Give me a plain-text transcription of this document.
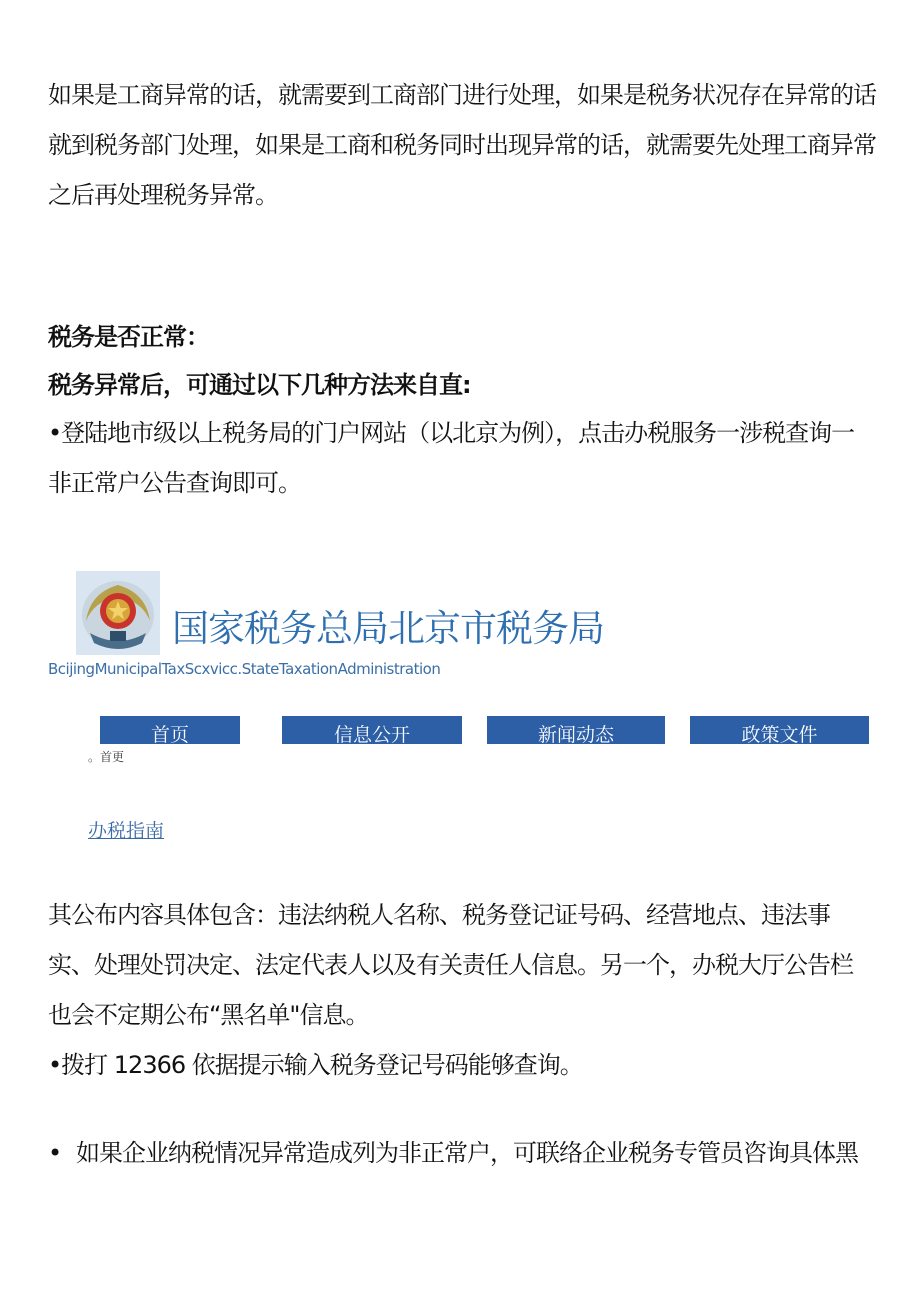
如果是工商异常的话，就需要到工商部门进行处理，如果是税务状况存在异常的话
就到税务部门处理，如果是工商和税务同时出现异常的话，就需要先处理工商异常
之后再处理税务异常。

税务是否正常：

税务异常后，可通过以下几种方法来自直:

•登陆地市级以上税务局的门户网站（以北京为例），点击办税服务一涉税查询一
非正常户公告查询即可。

国家税务总局北京市税务局
BcijingMunicipalTaxScxvicc.StateTaxationAdministration
首页	信息公开	新闻动态	政策文件
。首更
办税指南

其公布内容具体包含：违法纳税人名称、税务登记证号码、经营地点、违法事
实、处理处罚决定、法定代表人以及有关责任人信息。另一个，办税大厅公告栏
也会不定期公布“黑名单"信息。

•拨打 12366 依据提示输入税务登记号码能够查询。

• 如果企业纳税情况异常造成列为非正常户，可联络企业税务专管员咨询具体黑
